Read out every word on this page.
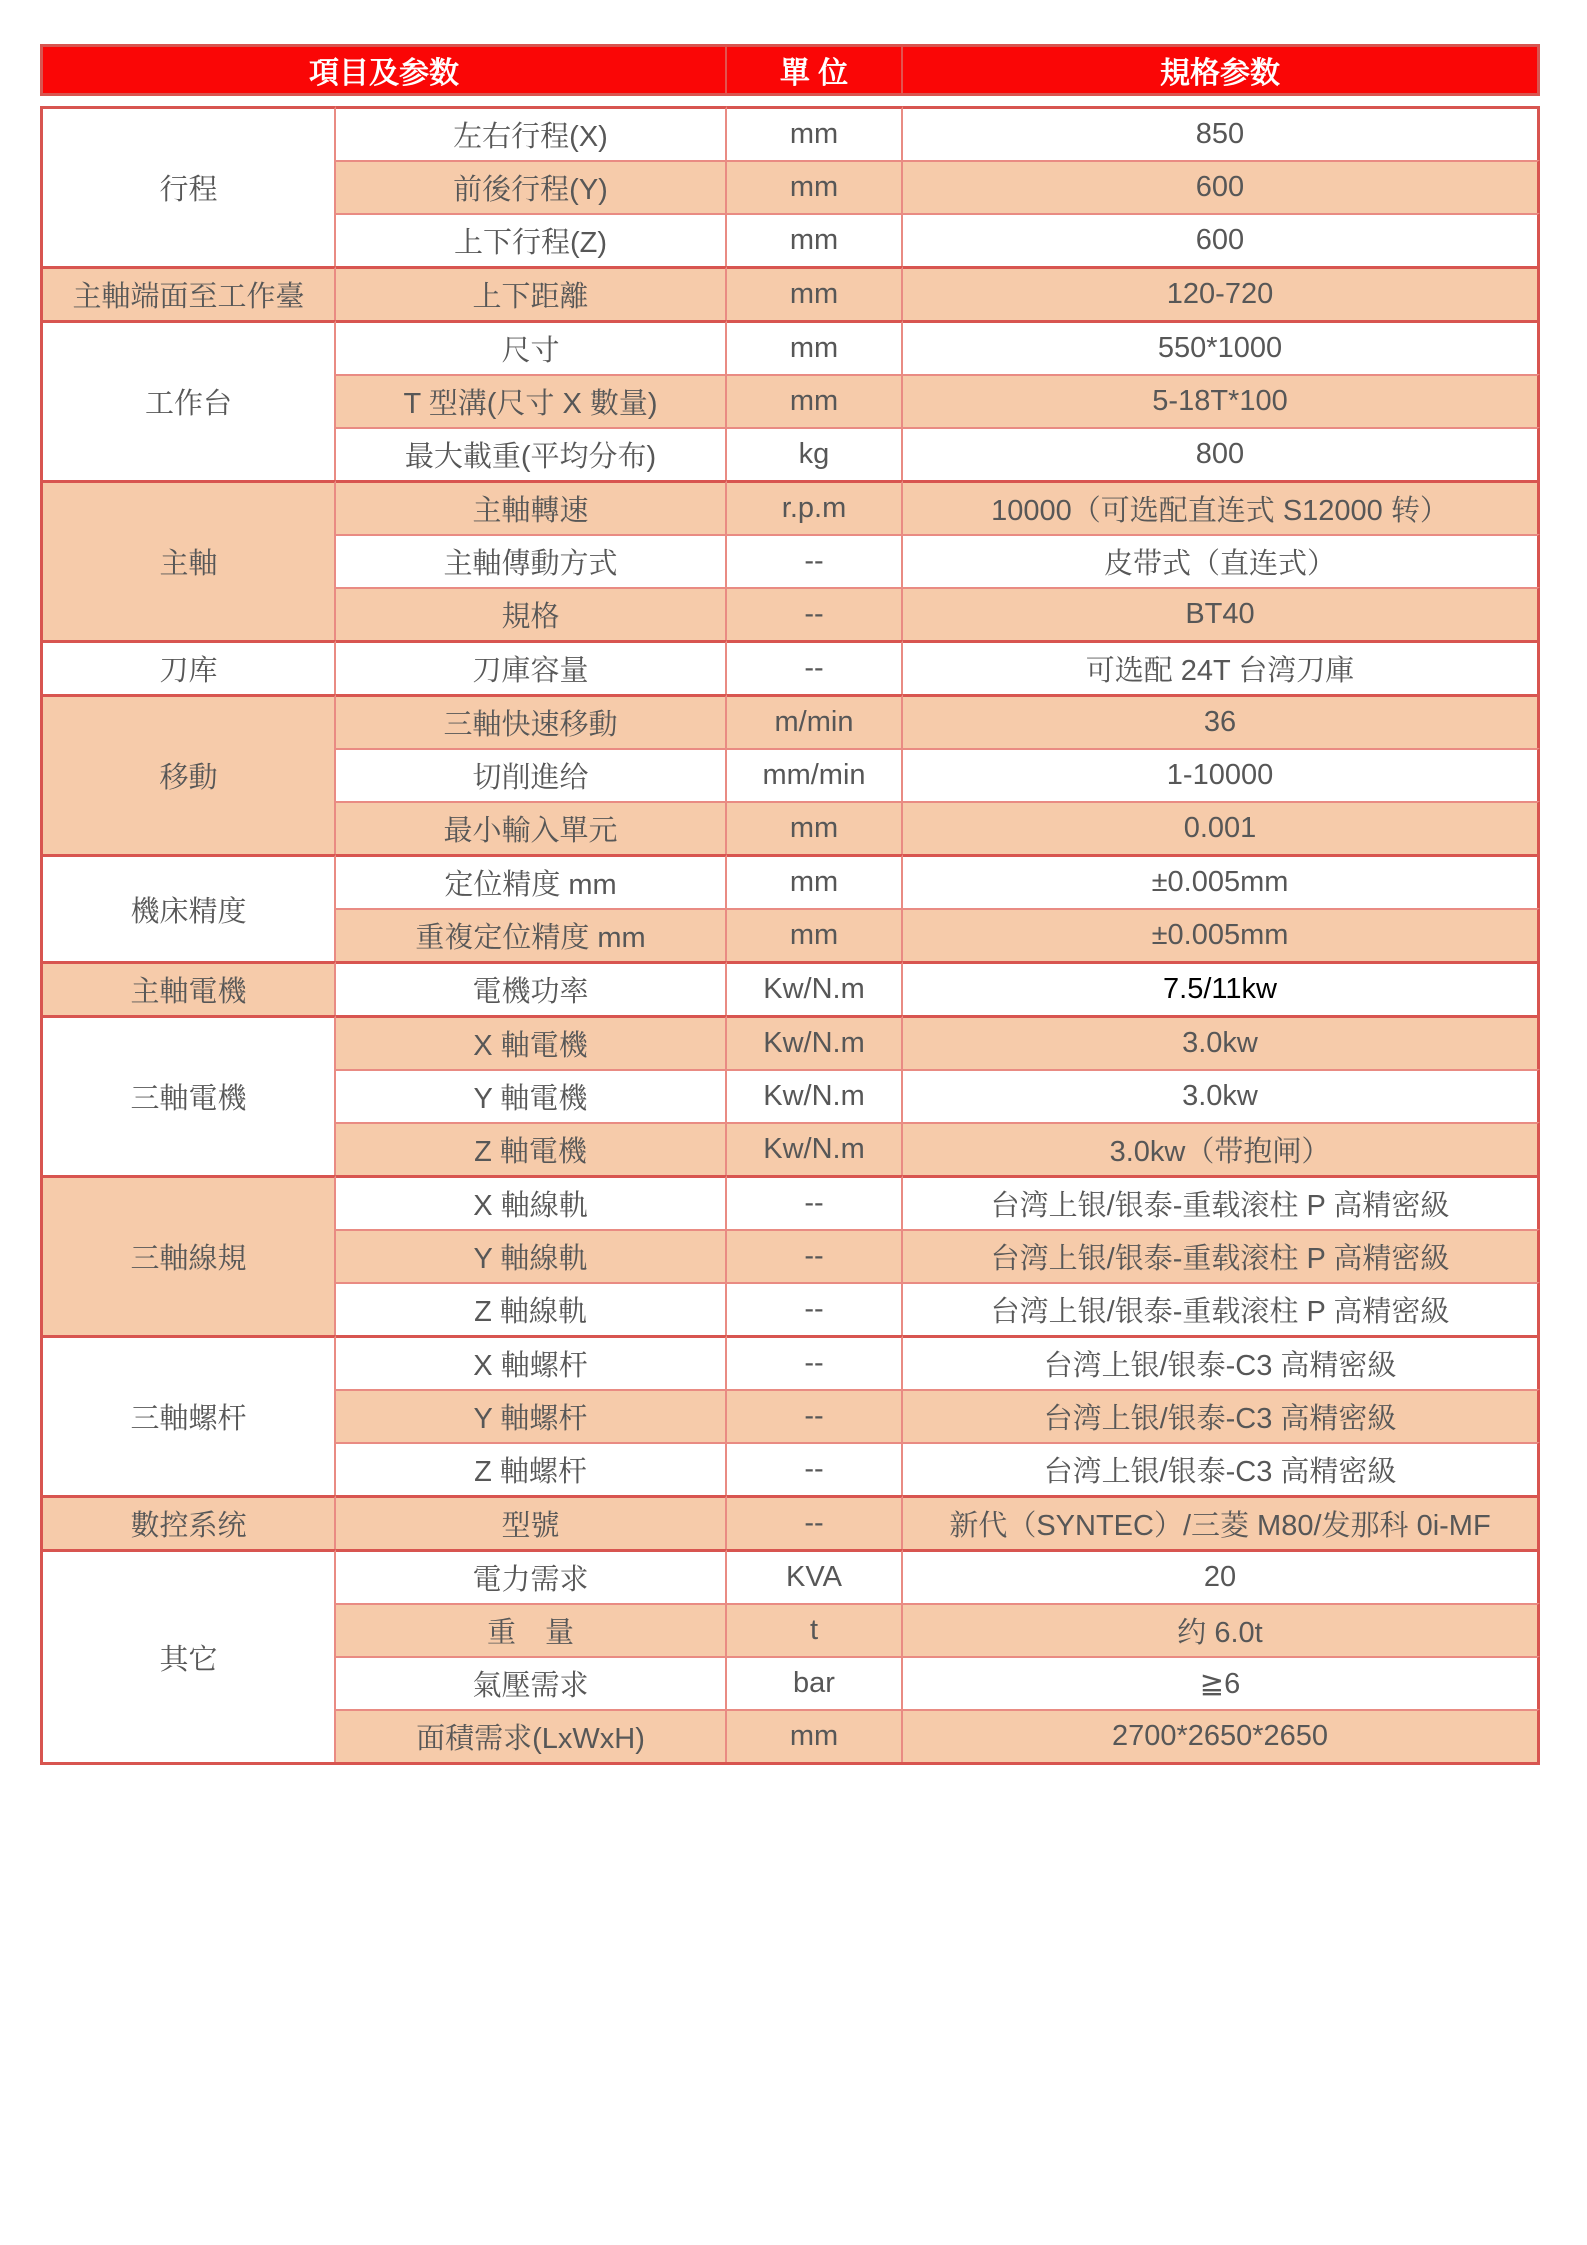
項目及参数		單 位	規格参数

行程	左右行程(X)	mm	850
	前後行程(Y)	mm	600
	上下行程(Z)	mm	600
主軸端面至工作臺	上下距離	mm	120-720
工作台	尺寸	mm	550*1000
	T 型溝(尺寸 X 數量)	mm	5-18T*100
	最大載重(平均分布)	kg	800
主軸	主軸轉速	r.p.m	10000（可选配直连式 S12000 转）
	主軸傳動方式	--	皮带式（直连式）
	規格	--	BT40
刀库	刀庫容量	--	可选配 24T 台湾刀庫
移動	三軸快速移動	m/min	36
	切削進给	mm/min	1-10000
	最小輸入單元	mm	0.001
機床精度	定位精度 mm	mm	±0.005mm
	重複定位精度 mm	mm	±0.005mm
主軸電機	電機功率	Kw/N.m	7.5/11kw
三軸電機	X 軸電機	Kw/N.m	3.0kw
	Y 軸電機	Kw/N.m	3.0kw
	Z 軸電機	Kw/N.m	3.0kw（带抱闸）
三軸線規	X 軸線軌	--	台湾上银/银泰-重载滚柱 P 高精密級
	Y 軸線軌	--	台湾上银/银泰-重载滚柱 P 高精密級
	Z 軸線軌	--	台湾上银/银泰-重载滚柱 P 高精密級
三軸螺杆	X 軸螺杆	--	台湾上银/银泰-C3 高精密級
	Y 軸螺杆	--	台湾上银/银泰-C3 高精密級
	Z 軸螺杆	--	台湾上银/银泰-C3 高精密級
數控系统	型號	--	新代（SYNTEC）/三菱 M80/发那科 0i-MF
其它	電力需求	KVA	20
	重　量	t	约 6.0t
	氣壓需求	bar	≧6
	面積需求(LxWxH)	mm	2700*2650*2650
